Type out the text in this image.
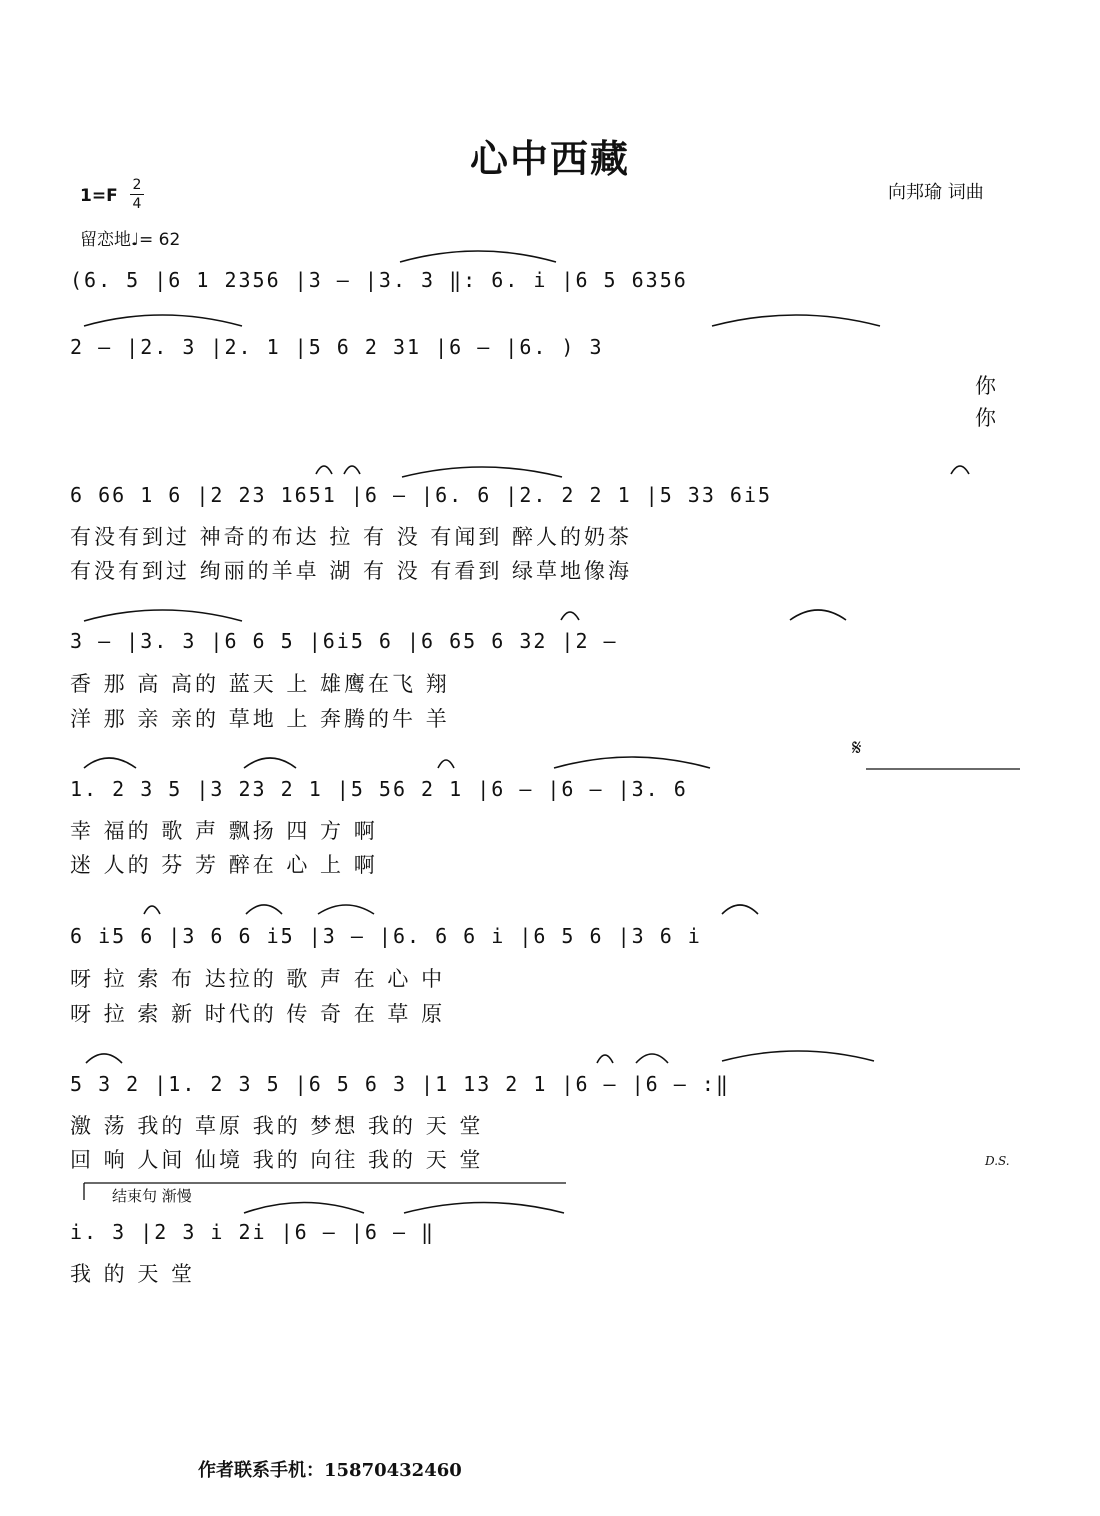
心中西藏
向邦瑜 词曲
1=F
2
4
留恋地♩= 62
(6. 5 |6 1 2356 |3 – |3. 3 ‖: 6. i |6 5 6356
2 – |2. 3 |2. 1 |5 6 2 31 |6 – |6. ) 3
你
你
6 66 1 6 |2 23 1651 |6 – |6. 6 |2. 2 2 1 |5 33 6i5
有没有到过 神奇的布达 拉 有 没 有闻到 醉人的奶茶
有没有到过 绚丽的羊卓 湖 有 没 有看到 绿草地像海
3 – |3. 3 |6 6 5 |6i5 6 |6 65 6 32 |2 –
香 那 高 高的 蓝天 上 雄鹰在飞 翔
洋 那 亲 亲的 草地 上 奔腾的牛 羊
𝄋
1. 2 3 5 |3 23 2 1 |5 56 2 1 |6 – |6 – |3. 6
幸 福的 歌 声 飘扬 四 方 啊
迷 人的 芬 芳 醉在 心 上 啊
6 i5 6 |3 6 6 i5 |3 – |6. 6 6 i |6 5 6 |3 6 i
呀 拉 索 布 达拉的 歌 声 在 心 中
呀 拉 索 新 时代的 传 奇 在 草 原
5 3 2 |1. 2 3 5 |6 5 6 3 |1 13 2 1 |6 – |6 – :‖
激 荡 我的 草原 我的 梦想 我的 天 堂
回 响 人间 仙境 我的 向往 我的 天 堂	D.S.
结束句 渐慢
i. 3 |2 3 i 2i |6 – |6 – ‖
我 的 天 堂
作者联系手机：15870432460
